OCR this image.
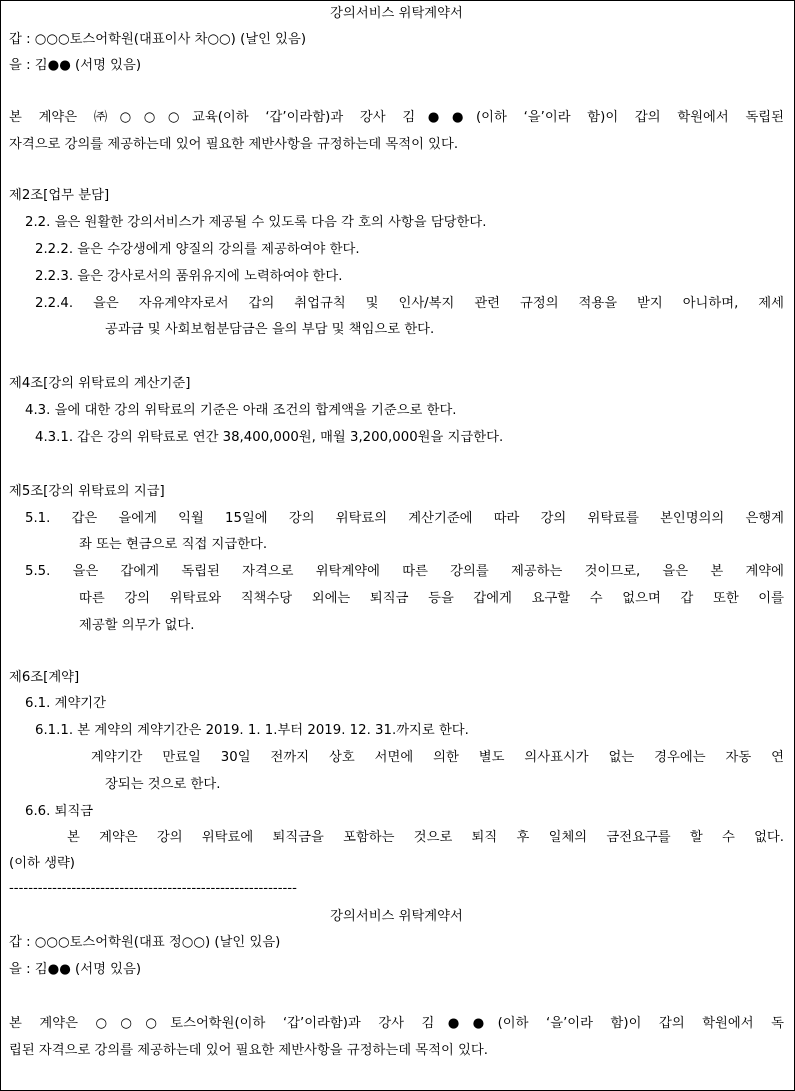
강의서비스 위탁계약서
갑 : ○○○토스어학원(대표이사 차○○) (날인 있음)
을 : 김●● (서명 있음)
본 계약은 ㈜○○○교육(이하 ‘갑’이라함)과 강사 김●●(이하 ‘을’이라 함)이 갑의 학원에서 독립된
자격으로 강의를 제공하는데 있어 필요한 제반사항을 규정하는데 목적이 있다.
제2조[업무 분담]
2.2. 을은 원활한 강의서비스가 제공될 수 있도록 다음 각 호의 사항을 담당한다.
2.2.2. 을은 수강생에게 양질의 강의를 제공하여야 한다.
2.2.3. 을은 강사로서의 품위유지에 노력하여야 한다.
2.2.4. 을은 자유계약자로서 갑의 취업규칙 및 인사/복지 관련 규정의 적용을 받지 아니하며, 제세
공과금 및 사회보험분담금은 을의 부담 및 책임으로 한다.
제4조[강의 위탁료의 계산기준]
4.3. 을에 대한 강의 위탁료의 기준은 아래 조건의 합계액을 기준으로 한다.
4.3.1. 갑은 강의 위탁료로 연간 38,400,000원, 매월 3,200,000원을 지급한다.
제5조[강의 위탁료의 지급]
5.1. 갑은 을에게 익월 15일에 강의 위탁료의 계산기준에 따라 강의 위탁료를 본인명의의 은행계
좌 또는 현금으로 직접 지급한다.
5.5. 을은 갑에게 독립된 자격으로 위탁계약에 따른 강의를 제공하는 것이므로, 을은 본 계약에
따른 강의 위탁료와 직책수당 외에는 퇴직금 등을 갑에게 요구할 수 없으며 갑 또한 이를
제공할 의무가 없다.
제6조[계약]
6.1. 계약기간
6.1.1. 본 계약의 계약기간은 2019. 1. 1.부터 2019. 12. 31.까지로 한다.
계약기간 만료일 30일 전까지 상호 서면에 의한 별도 의사표시가 없는 경우에는 자동 연
장되는 것으로 한다.
6.6. 퇴직금
본 계약은 강의 위탁료에 퇴직금을 포함하는 것으로 퇴직 후 일체의 금전요구를 할 수 없다.
(이하 생략)
------------------------------------------------------------
강의서비스 위탁계약서
갑 : ○○○토스어학원(대표 정○○) (날인 있음)
을 : 김●● (서명 있음)
본 계약은 ○○○토스어학원(이하 ‘갑’이라함)과 강사 김●●(이하 ‘을’이라 함)이 갑의 학원에서 독
립된 자격으로 강의를 제공하는데 있어 필요한 제반사항을 규정하는데 목적이 있다.
